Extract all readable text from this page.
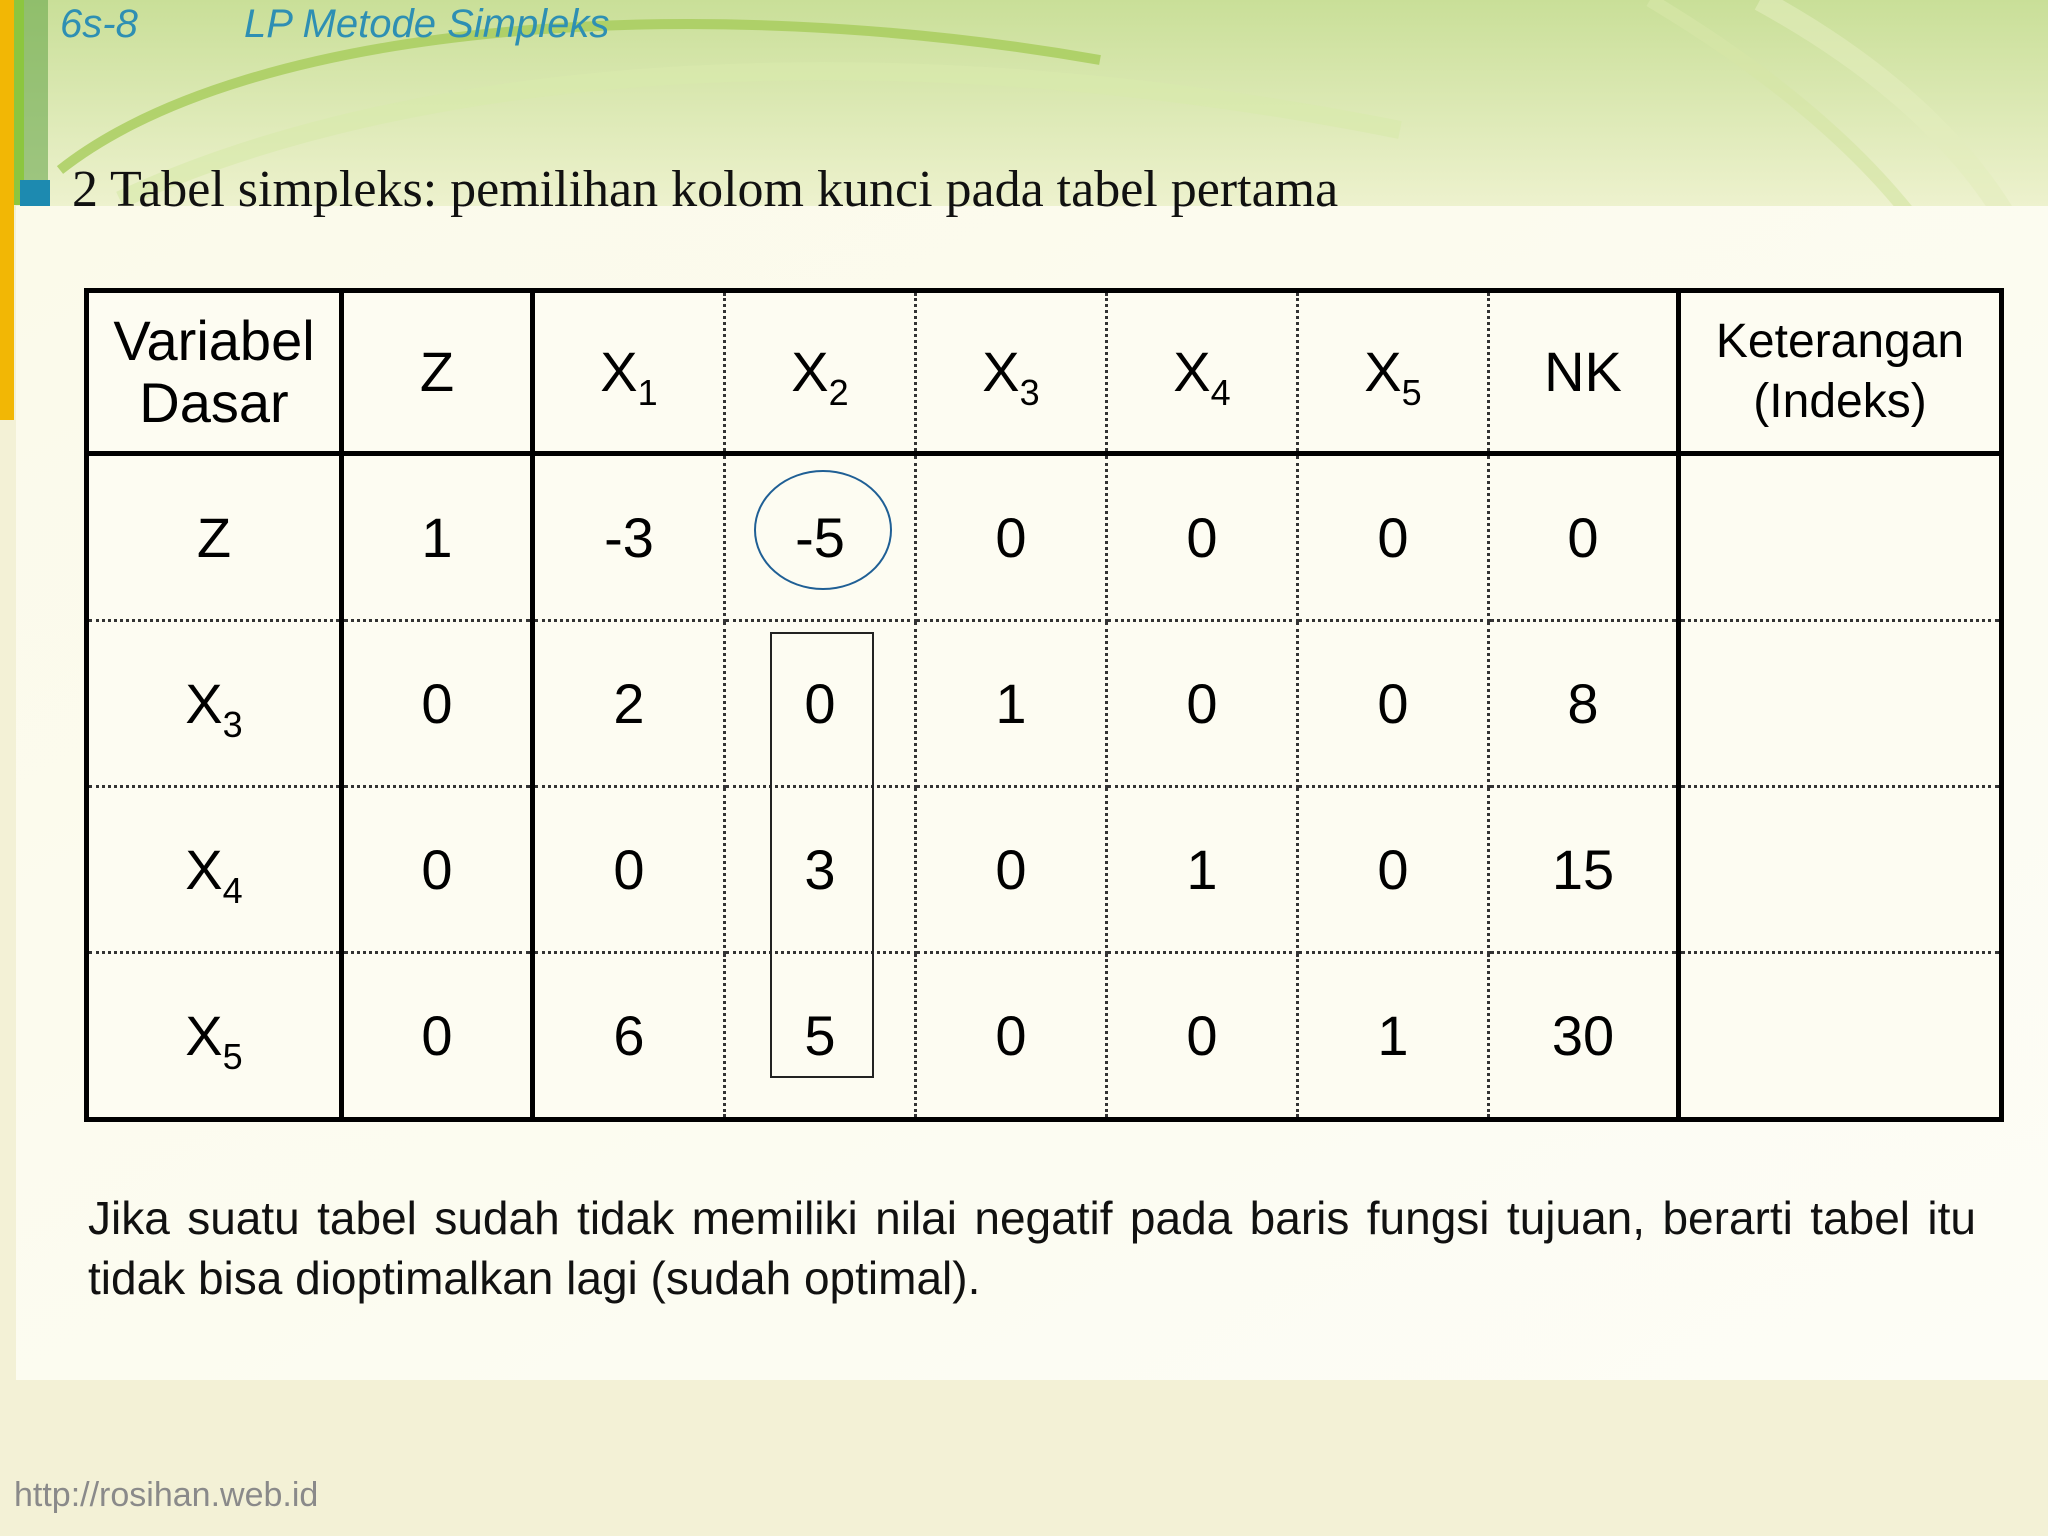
6s-8	LP Metode Simpleks
2 Tabel simpleks: pemilihan kolom kunci pada tabel pertama
Variabel
Dasar	Z	$X_1$	$X_2$	$X_3$	$X_4$	$X_5$	NK	Keterangan
(Indeks)
Z	1	-3	-5	0	0	0	0	
$X_3$	0	2	0	1	0	0	8	
$X_4$	0	0	3	0	1	0	15	
$X_5$	0	6	5	0	0	1	30	
Jika suatu tabel sudah tidak memiliki nilai negatif pada baris fungsi tujuan, berarti tabel itu tidak bisa dioptimalkan lagi (sudah optimal).
http://rosihan.web.id
